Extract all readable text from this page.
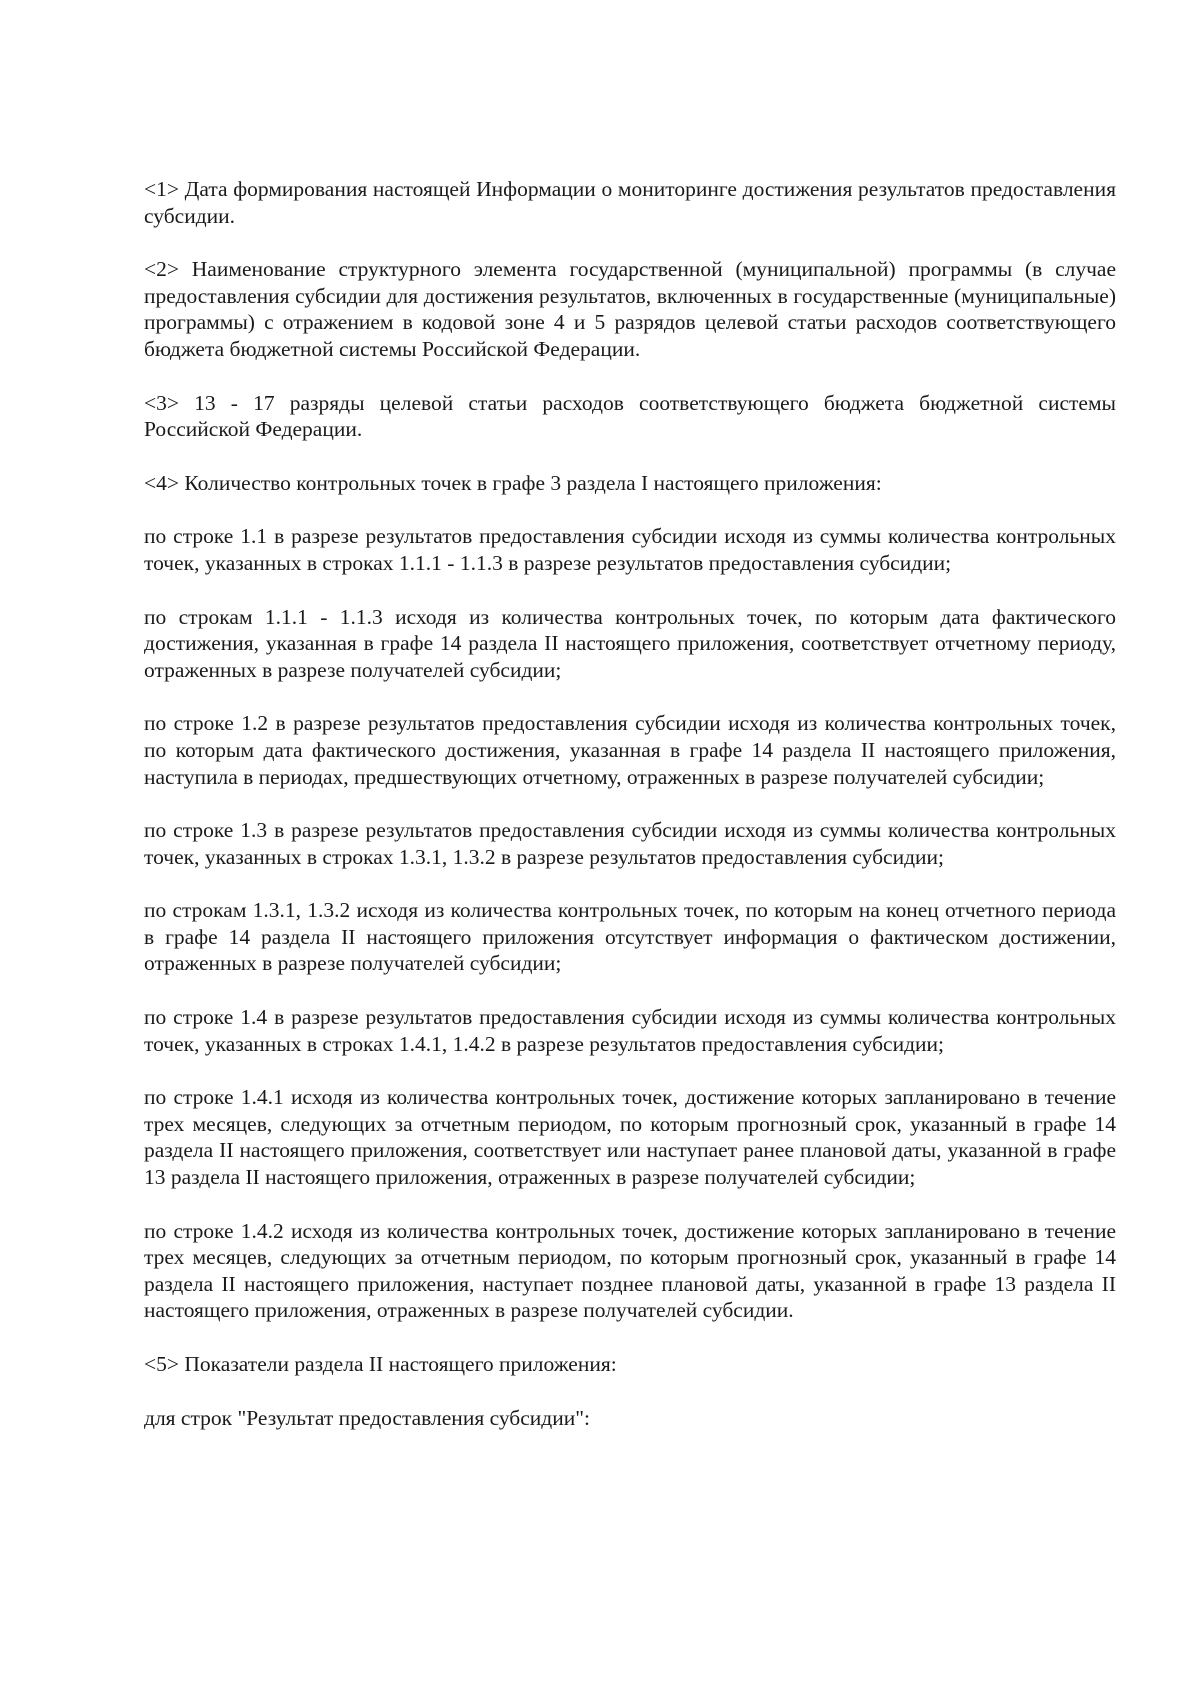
<1> Дата формирования настоящей Информации о мониторинге достижения результатов предоставления субсидии.

<2> Наименование структурного элемента государственной (муниципальной) программы (в случае предоставления субсидии для достижения результатов, включенных в государственные (муниципальные) программы) с отражением в кодовой зоне 4 и 5 разрядов целевой статьи расходов соответствующего бюджета бюджетной системы Российской Федерации.

<3> 13 - 17 разряды целевой статьи расходов соответствующего бюджета бюджетной системы Российской Федерации.

<4> Количество контрольных точек в графе 3 раздела I настоящего приложения:

по строке 1.1 в разрезе результатов предоставления субсидии исходя из суммы количества контрольных точек, указанных в строках 1.1.1 - 1.1.3 в разрезе результатов предоставления субсидии;

по строкам 1.1.1 - 1.1.3 исходя из количества контрольных точек, по которым дата фактического достижения, указанная в графе 14 раздела II настоящего приложения, соответствует отчетному периоду, отраженных в разрезе получателей субсидии;

по строке 1.2 в разрезе результатов предоставления субсидии исходя из количества контрольных точек, по которым дата фактического достижения, указанная в графе 14 раздела II настоящего приложения, наступила в периодах, предшествующих отчетному, отраженных в разрезе получателей субсидии;

по строке 1.3 в разрезе результатов предоставления субсидии исходя из суммы количества контрольных точек, указанных в строках 1.3.1, 1.3.2 в разрезе результатов предоставления субсидии;

по строкам 1.3.1, 1.3.2 исходя из количества контрольных точек, по которым на конец отчетного периода в графе 14 раздела II настоящего приложения отсутствует информация о фактическом достижении, отраженных в разрезе получателей субсидии;

по строке 1.4 в разрезе результатов предоставления субсидии исходя из суммы количества контрольных точек, указанных в строках 1.4.1, 1.4.2 в разрезе результатов предоставления субсидии;

по строке 1.4.1 исходя из количества контрольных точек, достижение которых запланировано в течение трех месяцев, следующих за отчетным периодом, по которым прогнозный срок, указанный в графе 14 раздела II настоящего приложения, соответствует или наступает ранее плановой даты, указанной в графе 13 раздела II настоящего приложения, отраженных в разрезе получателей субсидии;

по строке 1.4.2 исходя из количества контрольных точек, достижение которых запланировано в течение трех месяцев, следующих за отчетным периодом, по которым прогнозный срок, указанный в графе 14 раздела II настоящего приложения, наступает позднее плановой даты, указанной в графе 13 раздела II настоящего приложения, отраженных в разрезе получателей субсидии.

<5> Показатели раздела II настоящего приложения:

для строк "Результат предоставления субсидии":
